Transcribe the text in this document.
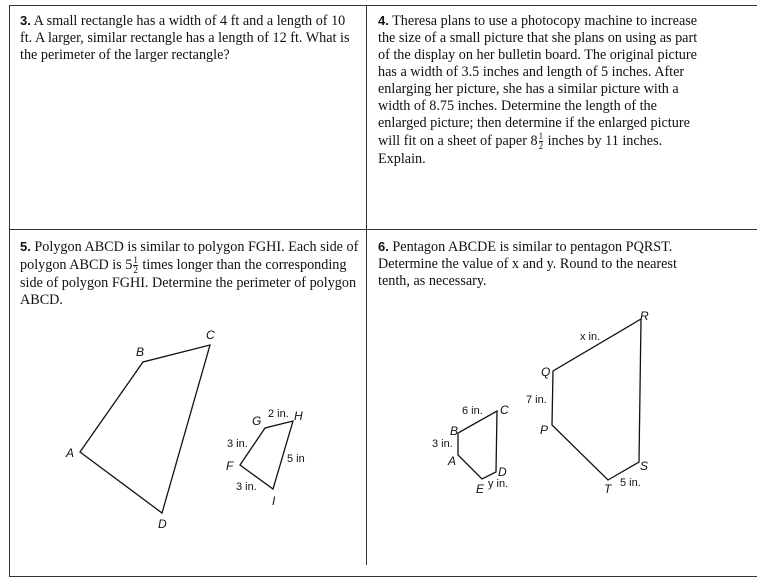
3. A small rectangle has a width of 4 ft and a length of 10 ft. A larger, similar rectangle has a length of 12 ft. What is the perimeter of the larger rectangle?
4. Theresa plans to use a photocopy machine to increase the size of a small picture that she plans on using as part of the display on her bulletin board. The original picture has a width of 3.5 inches and length of 5 inches. After enlarging her picture, she has a similar picture with a width of 8.75 inches. Determine the length of the enlarged picture; then determine if the enlarged picture will fit on a sheet of paper $8 \frac{1}{2}$ inches by 11 inches. Explain.
5. Polygon ABCD is similar to polygon FGHI. Each side of polygon ABCD is $5 \frac{1}{2}$ times longer than the corresponding side of polygon FGHI. Determine the perimeter of polygon ABCD.
6. Pentagon ABCDE is similar to pentagon PQRST. Determine the value of x and y. Round to the nearest tenth, as necessary.
A
B
C
D
F
G	H
I
2 in.
5 in
3 in.
3 in.
A
B
C
D
E
P
Q
R
S
T
6 in.
3 in.
y in.
x in.
7 in.
5 in.
